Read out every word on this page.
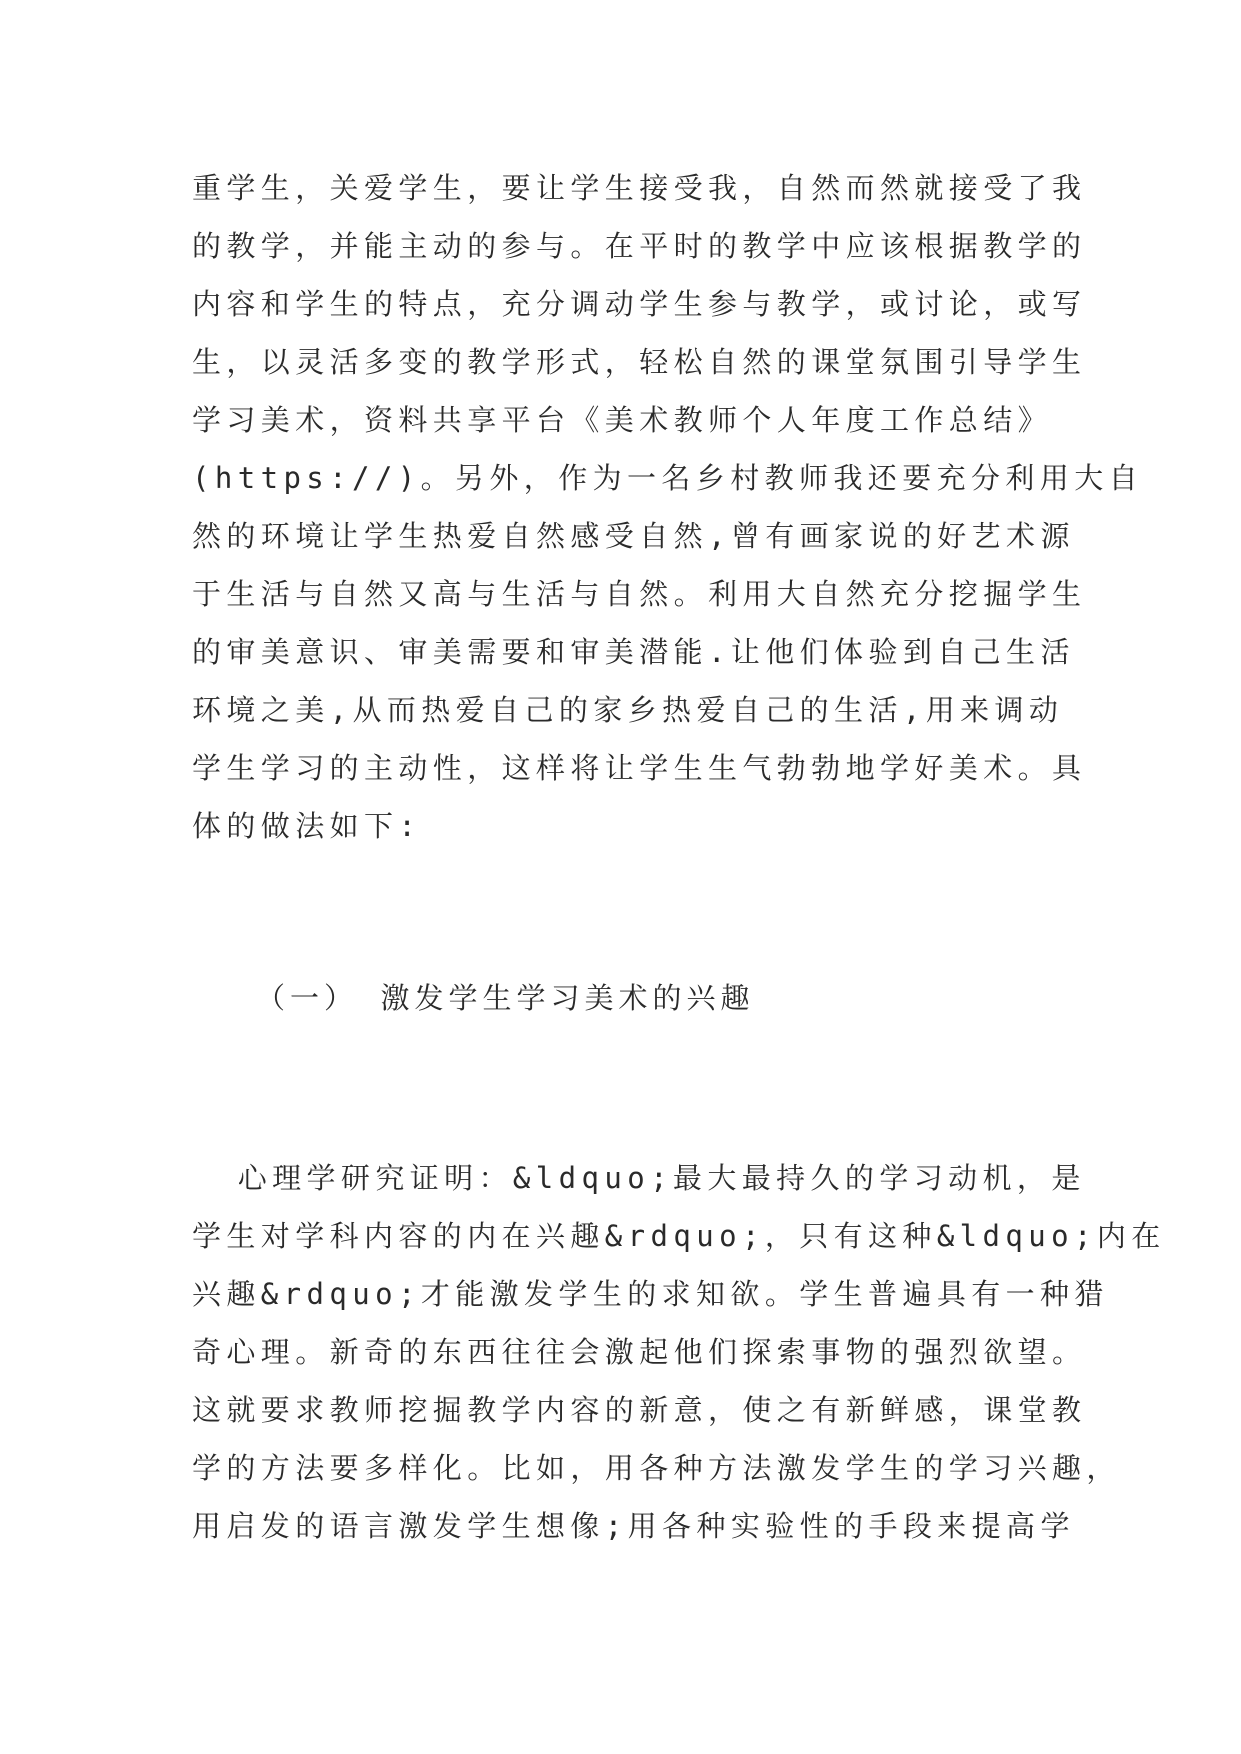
重学生，关爱学生，要让学生接受我，自然而然就接受了我
的教学，并能主动的参与。在平时的教学中应该根据教学的
内容和学生的特点，充分调动学生参与教学，或讨论，或写
生，以灵活多变的教学形式，轻松自然的课堂氛围引导学生
学习美术，资料共享平台《美术教师个人年度工作总结》
(https://)。另外，作为一名乡村教师我还要充分利用大自
然的环境让学生热爱自然感受自然,曾有画家说的好艺术源
于生活与自然又高与生活与自然。利用大自然充分挖掘学生
的审美意识、审美需要和审美潜能.让他们体验到自己生活
环境之美,从而热爱自己的家乡热爱自己的生活,用来调动
学生学习的主动性，这样将让学生生气勃勃地学好美术。具
体的做法如下:
（一） 激发学生学习美术的兴趣
心理学研究证明：&ldquo;最大最持久的学习动机，是
学生对学科内容的内在兴趣&rdquo;，只有这种&ldquo;内在
兴趣&rdquo;才能激发学生的求知欲。学生普遍具有一种猎
奇心理。新奇的东西往往会激起他们探索事物的强烈欲望。
这就要求教师挖掘教学内容的新意，使之有新鲜感，课堂教
学的方法要多样化。比如，用各种方法激发学生的学习兴趣，
用启发的语言激发学生想像;用各种实验性的手段来提高学
